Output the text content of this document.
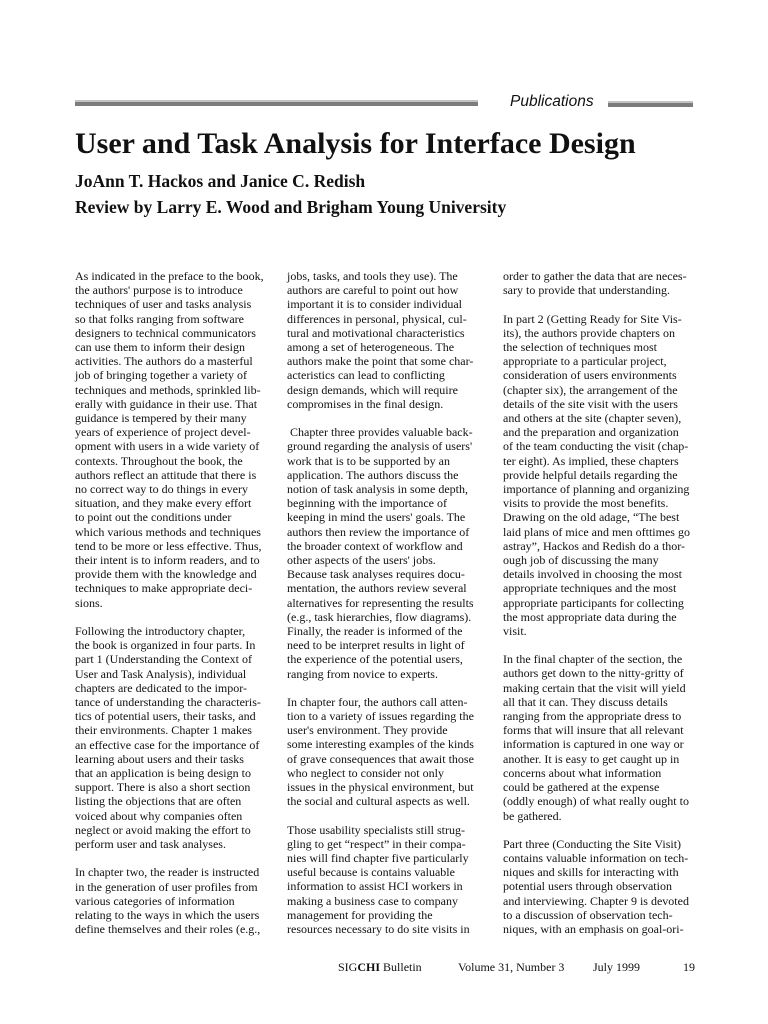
Publications
User and Task Analysis for Interface Design
JoAnn T. Hackos and Janice C. Redish
Review by Larry E. Wood and Brigham Young University
As indicated in the preface to the book,
the authors' purpose is to introduce
techniques of user and tasks analysis
so that folks ranging from software
designers to technical communicators
can use them to inform their design
activities. The authors do a masterful
job of bringing together a variety of
techniques and methods, sprinkled lib-
erally with guidance in their use. That
guidance is tempered by their many
years of experience of project devel-
opment with users in a wide variety of
contexts. Throughout the book, the
authors reflect an attitude that there is
no correct way to do things in every
situation, and they make every effort
to point out the conditions under
which various methods and techniques
tend to be more or less effective. Thus,
their intent is to inform readers, and to
provide them with the knowledge and
techniques to make appropriate deci-
sions.
Following the introductory chapter,
the book is organized in four parts. In
part 1 (Understanding the Context of
User and Task Analysis), individual
chapters are dedicated to the impor-
tance of understanding the characteris-
tics of potential users, their tasks, and
their environments. Chapter 1 makes
an effective case for the importance of
learning about users and their tasks
that an application is being design to
support. There is also a short section
listing the objections that are often
voiced about why companies often
neglect or avoid making the effort to
perform user and task analyses.
In chapter two, the reader is instructed
in the generation of user profiles from
various categories of information
relating to the ways in which the users
define themselves and their roles (e.g.,
jobs, tasks, and tools they use). The
authors are careful to point out how
important it is to consider individual
differences in personal, physical, cul-
tural and motivational characteristics
among a set of heterogeneous. The
authors make the point that some char-
acteristics can lead to conflicting
design demands, which will require
compromises in the final design.
Chapter three provides valuable back-
ground regarding the analysis of users'
work that is to be supported by an
application. The authors discuss the
notion of task analysis in some depth,
beginning with the importance of
keeping in mind the users' goals. The
authors then review the importance of
the broader context of workflow and
other aspects of the users' jobs.
Because task analyses requires docu-
mentation, the authors review several
alternatives for representing the results
(e.g., task hierarchies, flow diagrams).
Finally, the reader is informed of the
need to be interpret results in light of
the experience of the potential users,
ranging from novice to experts.
In chapter four, the authors call atten-
tion to a variety of issues regarding the
user's environment. They provide
some interesting examples of the kinds
of grave consequences that await those
who neglect to consider not only
issues in the physical environment, but
the social and cultural aspects as well.
Those usability specialists still strug-
gling to get “respect” in their compa-
nies will find chapter five particularly
useful because is contains valuable
information to assist HCI workers in
making a business case to company
management for providing the
resources necessary to do site visits in
order to gather the data that are neces-
sary to provide that understanding.
In part 2 (Getting Ready for Site Vis-
its), the authors provide chapters on
the selection of techniques most
appropriate to a particular project,
consideration of users environments
(chapter six), the arrangement of the
details of the site visit with the users
and others at the site (chapter seven),
and the preparation and organization
of the team conducting the visit (chap-
ter eight). As implied, these chapters
provide helpful details regarding the
importance of planning and organizing
visits to provide the most benefits.
Drawing on the old adage, “The best
laid plans of mice and men ofttimes go
astray”, Hackos and Redish do a thor-
ough job of discussing the many
details involved in choosing the most
appropriate techniques and the most
appropriate participants for collecting
the most appropriate data during the
visit.
In the final chapter of the section, the
authors get down to the nitty-gritty of
making certain that the visit will yield
all that it can. They discuss details
ranging from the appropriate dress to
forms that will insure that all relevant
information is captured in one way or
another. It is easy to get caught up in
concerns about what information
could be gathered at the expense
(oddly enough) of what really ought to
be gathered.
Part three (Conducting the Site Visit)
contains valuable information on tech-
niques and skills for interacting with
potential users through observation
and interviewing. Chapter 9 is devoted
to a discussion of observation tech-
niques, with an emphasis on goal-ori-
SIGCHI Bulletin	Volume 31, Number 3 July 1999	19
